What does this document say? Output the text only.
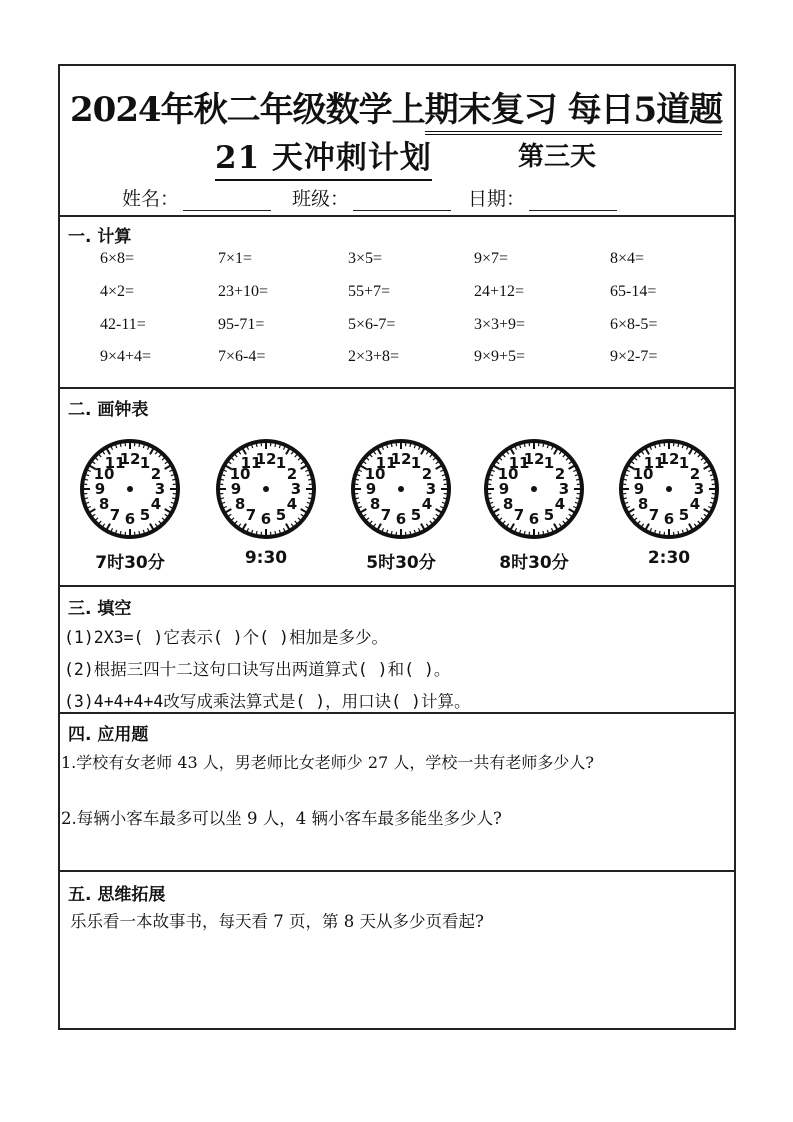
2024年秋二年级数学上期末复习 每日5道题
21 天冲刺计划	第三天
姓名：	班级：	日期：
一. 计算
6×8=	7×1=	3×5=	9×7=	8×4=
4×2=	23+10=	55+7=	24+12=	65-14=
42-11=	95-71=	5×6-7=	3×3+9=	6×8-5=
9×4+4=	7×6-4=	2×3+8=	9×9+5=	9×2-7=
二. 画钟表
12 1
2
3
4
5
6
7
8
9
10
11
7时30分
12 1
2
3
4
5
6
7
8
9
10
11
9:30
12 1
2
3
4
5
6
7
8
9
10
11
5时30分
12 1
2
3
4
5
6
7
8
9
10
11
8时30分
12 1
2
3
4
5
6
7
8
9
10
11
2:30
三. 填空
(1)2X3=( )它表示( )个( )相加是多少。
(2)根据三四十二这句口诀写出两道算式( )和( )。
(3)4+4+4+4改写成乘法算式是( )，用口诀( )计算。
四. 应用题
1.学校有女老师 43 人，男老师比女老师少 27 人，学校一共有老师多少人?
2.每辆小客车最多可以坐 9 人，4 辆小客车最多能坐多少人?
五. 思维拓展
乐乐看一本故事书，每天看 7 页，第 8 天从多少页看起?
